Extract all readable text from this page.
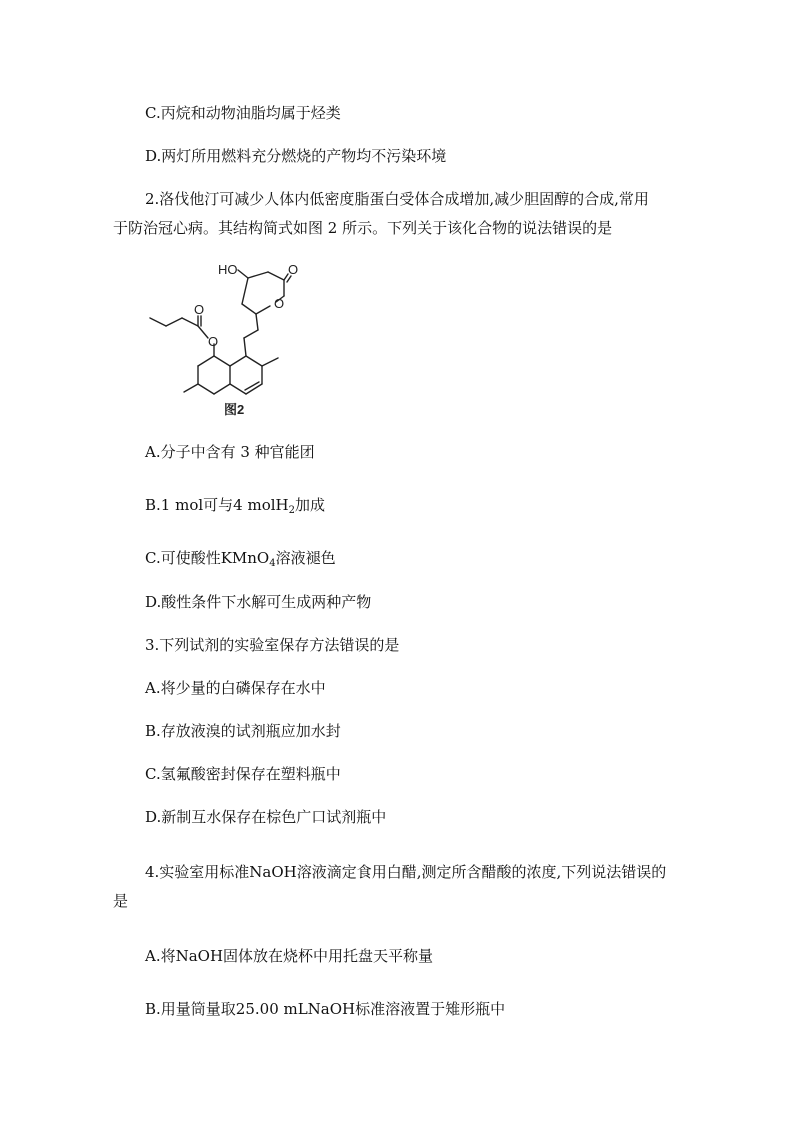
C.丙烷和动物油脂均属于烃类
D.两灯所用燃料充分燃烧的产物均不污染环境
2.洛伐他汀可减少人体内低密度脂蛋白受体合成增加,减少胆固醇的合成,常用
于防治冠心病。其结构简式如图 2 所示。下列关于该化合物的说法错误的是
HO	O
O
O
O
图2
A.分子中含有 3 种官能团
B.1 mol可与4 molH$_2$加成
C.可使酸性KMnO$_4$溶液褪色
D.酸性条件下水解可生成两种产物
3.下列试剂的实验室保存方法错误的是
A.将少量的白磷保存在水中
B.存放液溴的试剂瓶应加水封
C.氢氟酸密封保存在塑料瓶中
D.新制互水保存在棕色广口试剂瓶中
4.实验室用标准NaOH溶液滴定食用白醋,测定所含醋酸的浓度,下列说法错误的
是
A.将NaOH固体放在烧杯中用托盘天平称量
B.用量筒量取25.00 mLNaOH标准溶液置于雉形瓶中
